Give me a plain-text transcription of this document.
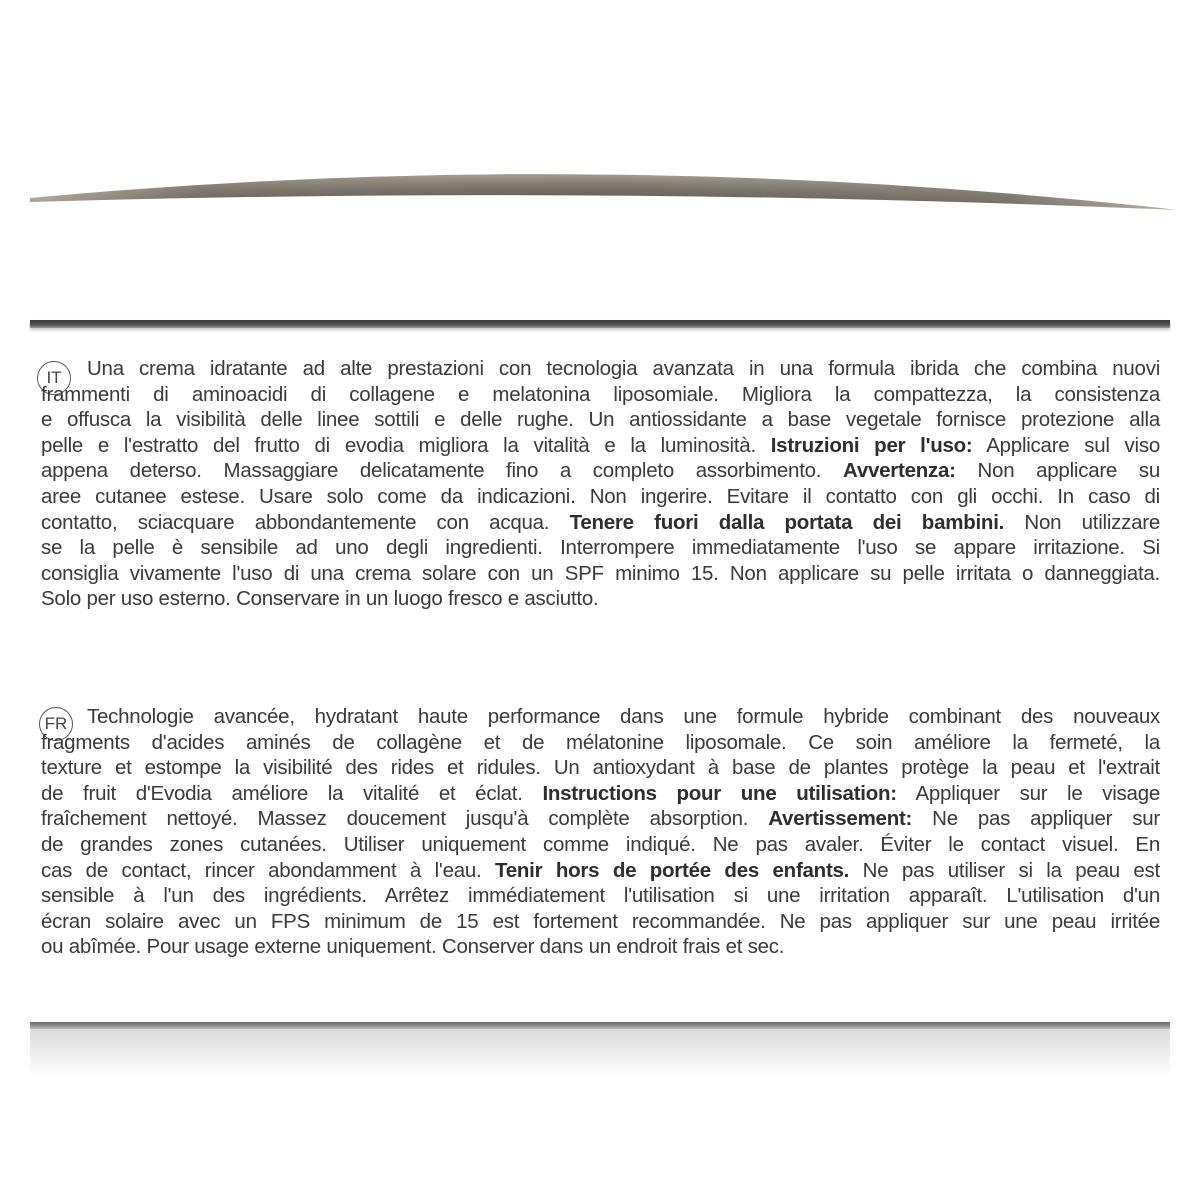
IT	Una crema idratante ad alte prestazioni con tecnologia avanzata in una formula ibrida che combina nuovi
frammenti di aminoacidi di collagene e melatonina liposomiale. Migliora la compattezza, la consistenza
e offusca la visibilità delle linee sottili e delle rughe. Un antiossidante a base vegetale fornisce protezione alla
pelle e l'estratto del frutto di evodia migliora la vitalità e la luminosità. Istruzioni per l'uso: Applicare sul viso
appena deterso. Massaggiare delicatamente fino a completo assorbimento. Avvertenza: Non applicare su
aree cutanee estese. Usare solo come da indicazioni. Non ingerire. Evitare il contatto con gli occhi. In caso di
contatto, sciacquare abbondantemente con acqua. Tenere fuori dalla portata dei bambini. Non utilizzare
se la pelle è sensibile ad uno degli ingredienti. Interrompere immediatamente l'uso se appare irritazione. Si
consiglia vivamente l'uso di una crema solare con un SPF minimo 15. Non applicare su pelle irritata o danneggiata.
Solo per uso esterno. Conservare in un luogo fresco e asciutto.
FR Technologie avancée, hydratant haute performance dans une formule hybride combinant des nouveaux
fragments d'acides aminés de collagène et de mélatonine liposomale. Ce soin améliore la fermeté, la
texture et estompe la visibilité des rides et ridules. Un antioxydant à base de plantes protège la peau et l'extrait
de fruit d'Evodia améliore la vitalité et éclat. Instructions pour une utilisation: Appliquer sur le visage
fraîchement nettoyé. Massez doucement jusqu'à complète absorption. Avertissement: Ne pas appliquer sur
de grandes zones cutanées. Utiliser uniquement comme indiqué. Ne pas avaler. Éviter le contact visuel. En
cas de contact, rincer abondamment à l'eau. Tenir hors de portée des enfants. Ne pas utiliser si la peau est
sensible à l'un des ingrédients. Arrêtez immédiatement l'utilisation si une irritation apparaît. L'utilisation d'un
écran solaire avec un FPS minimum de 15 est fortement recommandée. Ne pas appliquer sur une peau irritée
ou abîmée. Pour usage externe uniquement. Conserver dans un endroit frais et sec.
